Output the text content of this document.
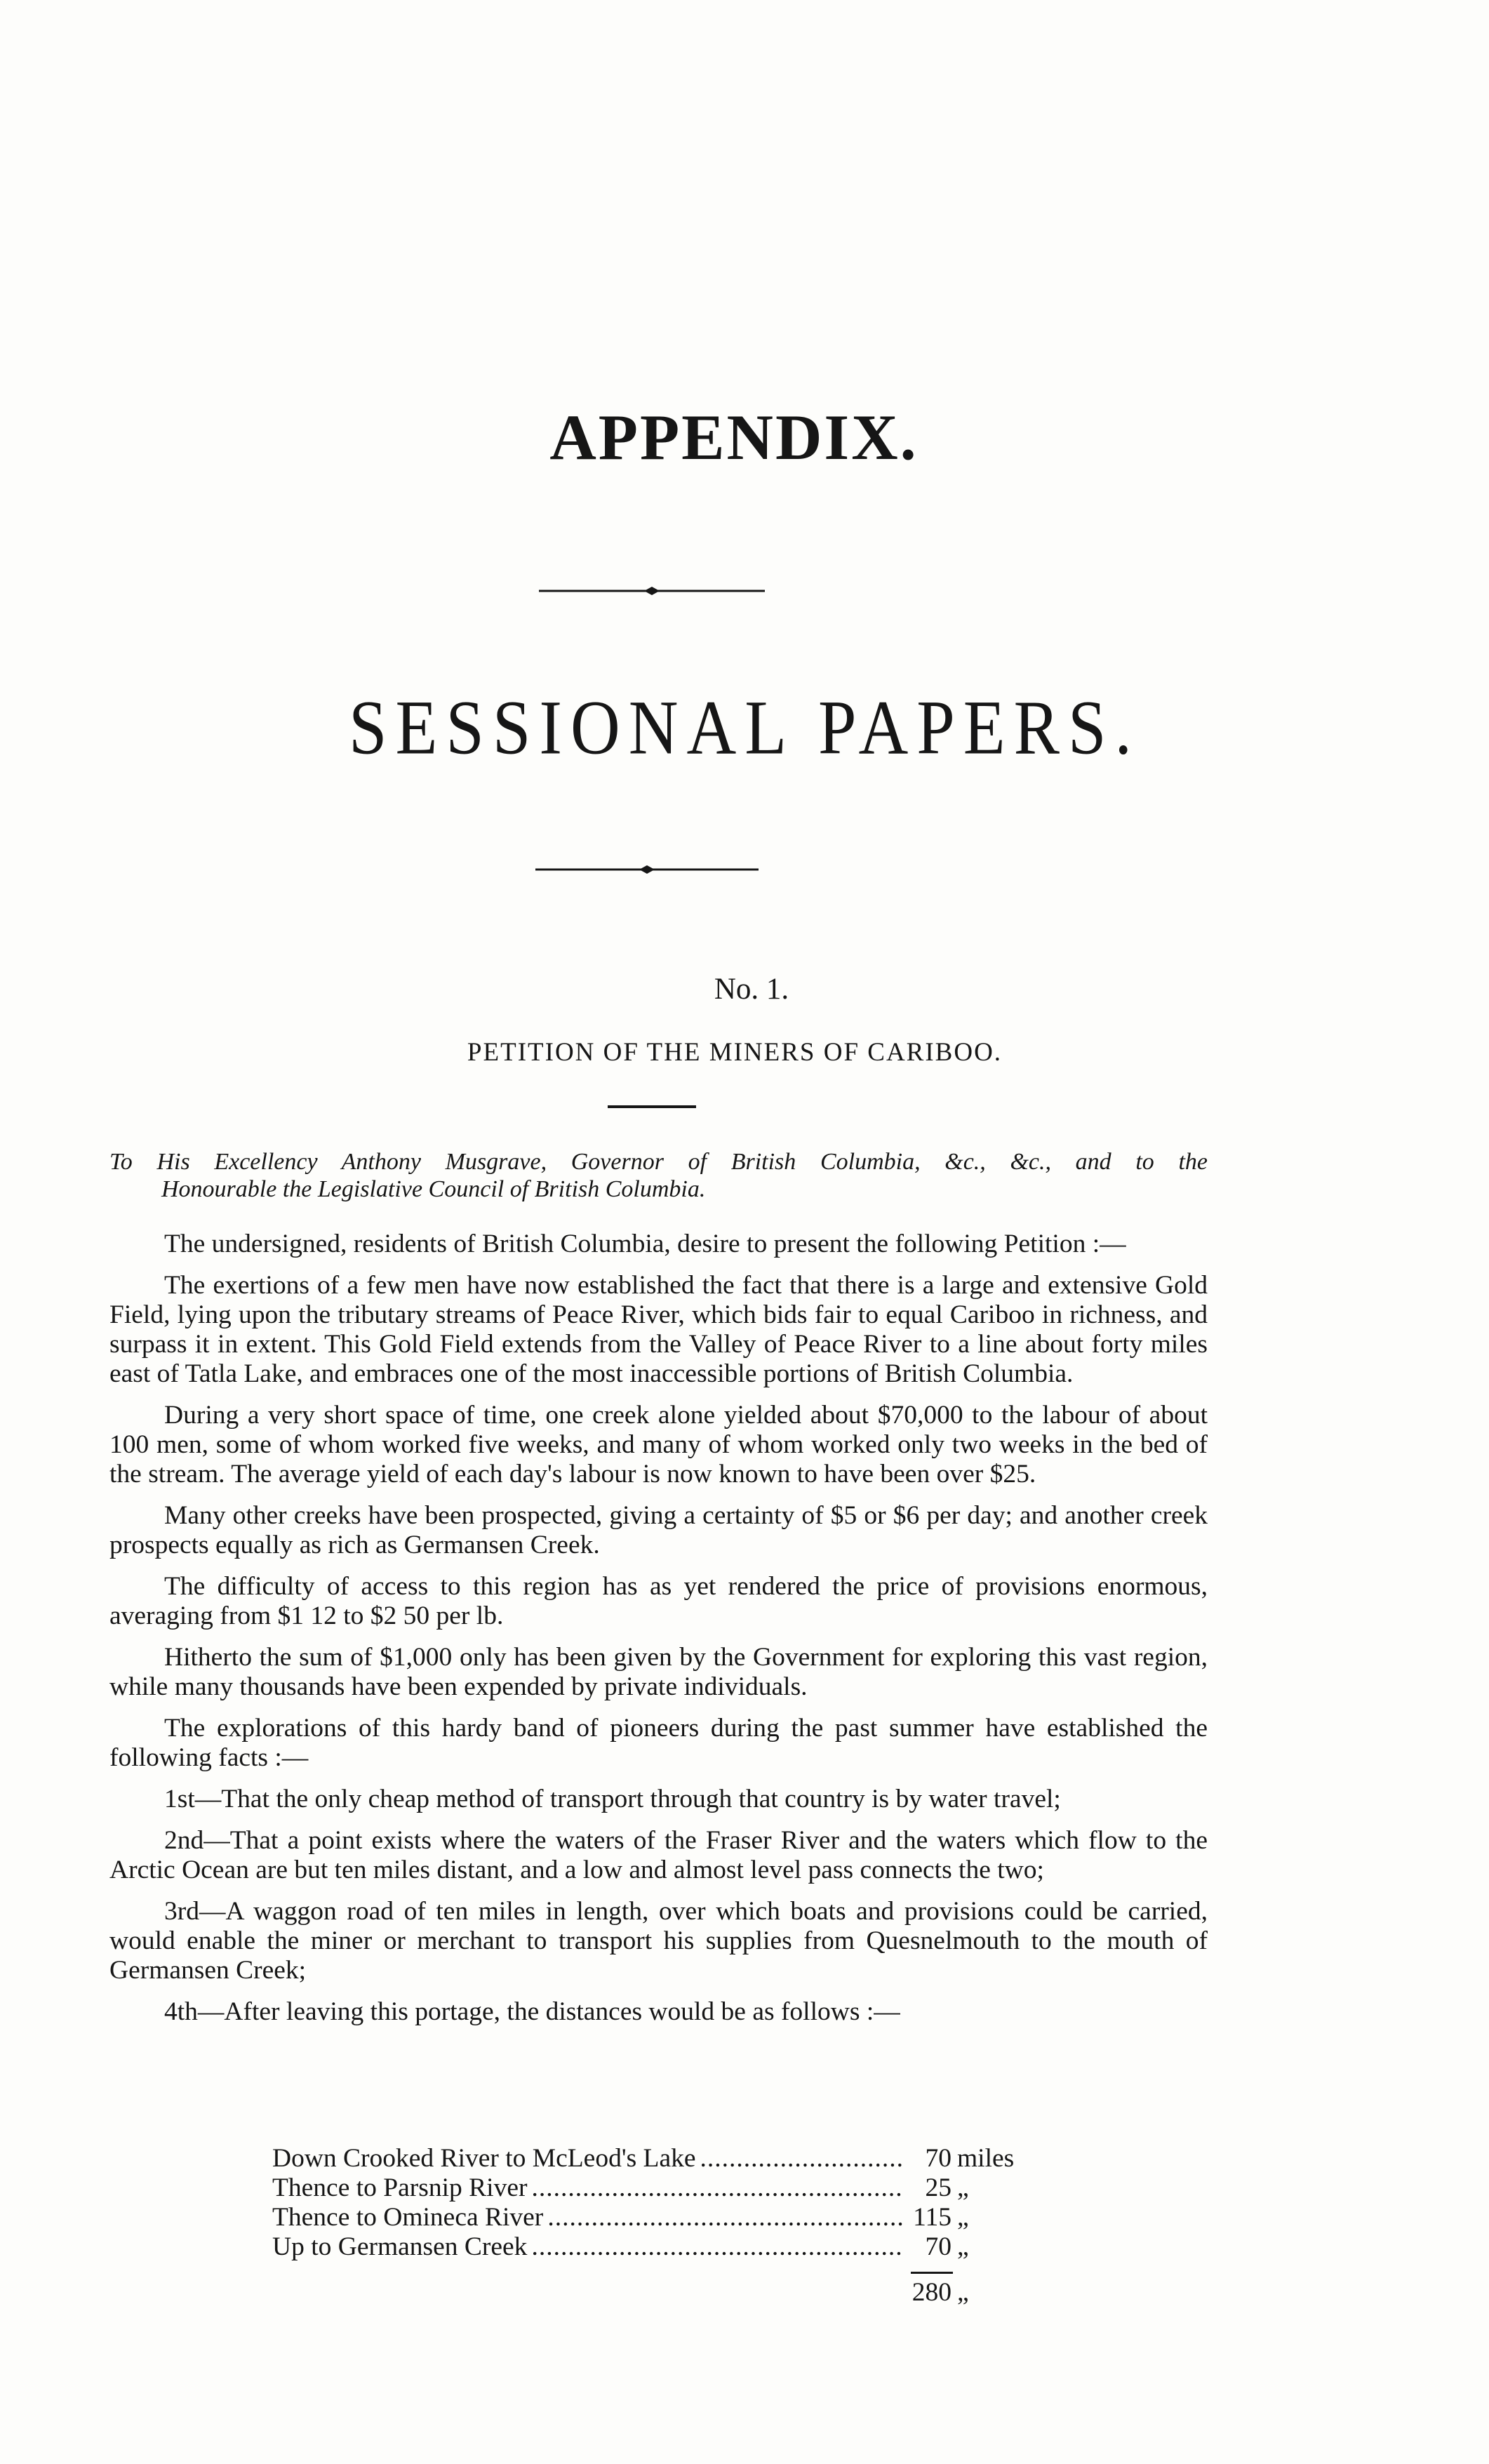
APPENDIX.
SESSIONAL PAPERS.
No. 1.
PETITION OF THE MINERS OF CARIBOO.
To His Excellency Anthony Musgrave, Governor of British Columbia, &c., &c., and to the
Honourable the Legislative Council of British Columbia.

The undersigned, residents of British Columbia, desire to present the following Petition :—

The exertions of a few men have now established the fact that there is a large and extensive Gold Field, lying upon the tributary streams of Peace River, which bids fair to equal Cariboo in richness, and surpass it in extent. This Gold Field extends from the Valley of Peace River to a line about forty miles east of Tatla Lake, and embraces one of the most inaccessible portions of British Columbia.

During a very short space of time, one creek alone yielded about $70,000 to the labour of about 100 men, some of whom worked five weeks, and many of whom worked only two weeks in the bed of the stream. The average yield of each day's labour is now known to have been over $25.

Many other creeks have been prospected, giving a certainty of $5 or $6 per day; and another creek prospects equally as rich as Germansen Creek.

The difficulty of access to this region has as yet rendered the price of provisions enormous, averaging from $1 12 to $2 50 per lb.

Hitherto the sum of $1,000 only has been given by the Government for exploring this vast region, while many thousands have been expended by private individuals.

The explorations of this hardy band of pioneers during the past summer have established the following facts :—

1st—That the only cheap method of transport through that country is by water travel;

2nd—That a point exists where the waters of the Fraser River and the waters which flow to the Arctic Ocean are but ten miles distant, and a low and almost level pass connects the two;

3rd—A waggon road of ten miles in length, over which boats and provisions could be carried, would enable the miner or merchant to transport his supplies from Quesnelmouth to the mouth of Germansen Creek;

4th—After leaving this portage, the distances would be as follows :—

Down Crooked River to McLeod's Lake .....	70 miles
Thence to Parsnip River .....	25 „
Thence to Omineca River .....	115 „
Up to Germansen Creek .....	70 „
280 „
